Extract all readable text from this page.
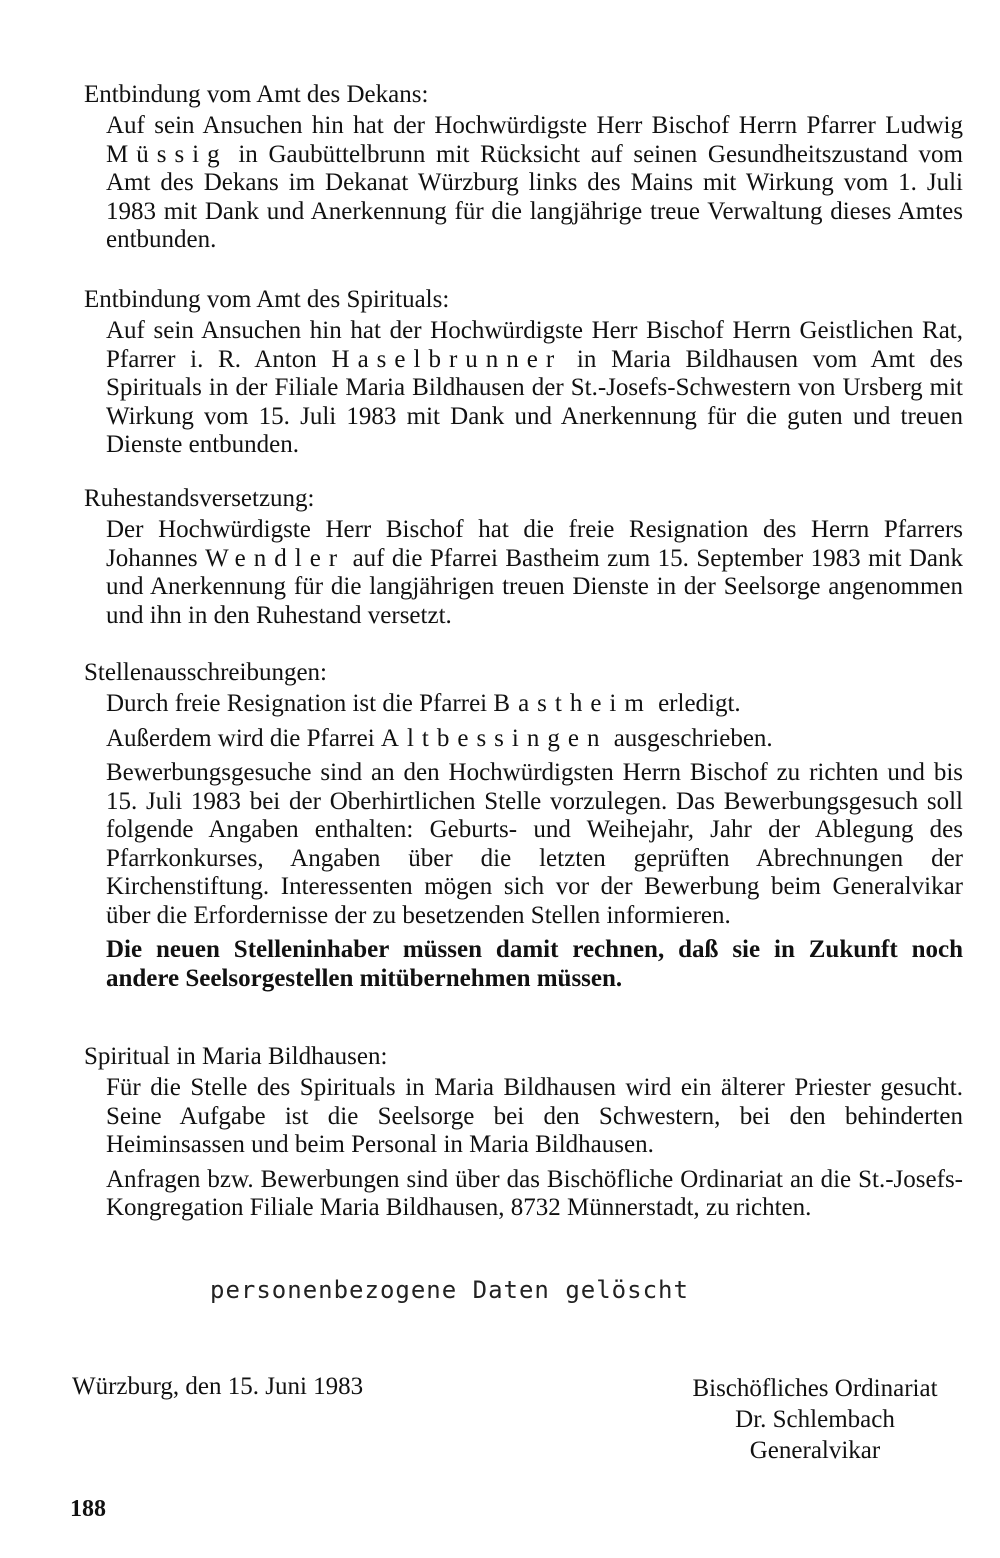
Entbindung vom Amt des Dekans:
Auf sein Ansuchen hin hat der Hochwürdigste Herr Bischof Herrn Pfarrer Ludwig Müssig in Gaubüttelbrunn mit Rücksicht auf seinen Gesundheitszustand vom Amt des Dekans im Dekanat Würzburg links des Mains mit Wirkung vom 1. Juli 1983 mit Dank und Anerkennung für die langjährige treue Verwaltung dieses Amtes entbunden.
Entbindung vom Amt des Spirituals:
Auf sein Ansuchen hin hat der Hochwürdigste Herr Bischof Herrn Geistlichen Rat, Pfarrer i. R. Anton Haselbrunner in Maria Bildhausen vom Amt des Spirituals in der Filiale Maria Bildhausen der St.-Josefs-Schwestern von Ursberg mit Wirkung vom 15. Juli 1983 mit Dank und Anerkennung für die guten und treuen Dienste entbunden.
Ruhestandsversetzung:
Der Hochwürdigste Herr Bischof hat die freie Resignation des Herrn Pfarrers Johannes Wendler auf die Pfarrei Bastheim zum 15. September 1983 mit Dank und Anerkennung für die langjährigen treuen Dienste in der Seelsorge angenommen und ihn in den Ruhestand versetzt.
Stellenausschreibungen:
Durch freie Resignation ist die Pfarrei Bastheim erledigt.
Außerdem wird die Pfarrei Altbessingen ausgeschrieben.
Bewerbungsgesuche sind an den Hochwürdigsten Herrn Bischof zu richten und bis 15. Juli 1983 bei der Oberhirtlichen Stelle vorzulegen. Das Bewerbungsgesuch soll folgende Angaben enthalten: Geburts- und Weihejahr, Jahr der Ablegung des Pfarrkonkurses, Angaben über die letzten geprüften Abrechnungen der Kirchenstiftung. Interessenten mögen sich vor der Bewerbung beim Generalvikar über die Erfordernisse der zu besetzenden Stellen informieren.
Die neuen Stelleninhaber müssen damit rechnen, daß sie in Zukunft noch andere Seelsorgestellen mitübernehmen müssen.
Spiritual in Maria Bildhausen:
Für die Stelle des Spirituals in Maria Bildhausen wird ein älterer Priester gesucht. Seine Aufgabe ist die Seelsorge bei den Schwestern, bei den behinderten Heiminsassen und beim Personal in Maria Bildhausen.
Anfragen bzw. Bewerbungen sind über das Bischöfliche Ordinariat an die St.-Josefs-Kongregation Filiale Maria Bildhausen, 8732 Münnerstadt, zu richten.
personenbezogene Daten gelöscht
Würzburg, den 15. Juni 1983	Bischöfliches Ordinariat
Dr. Schlembach
Generalvikar
188
